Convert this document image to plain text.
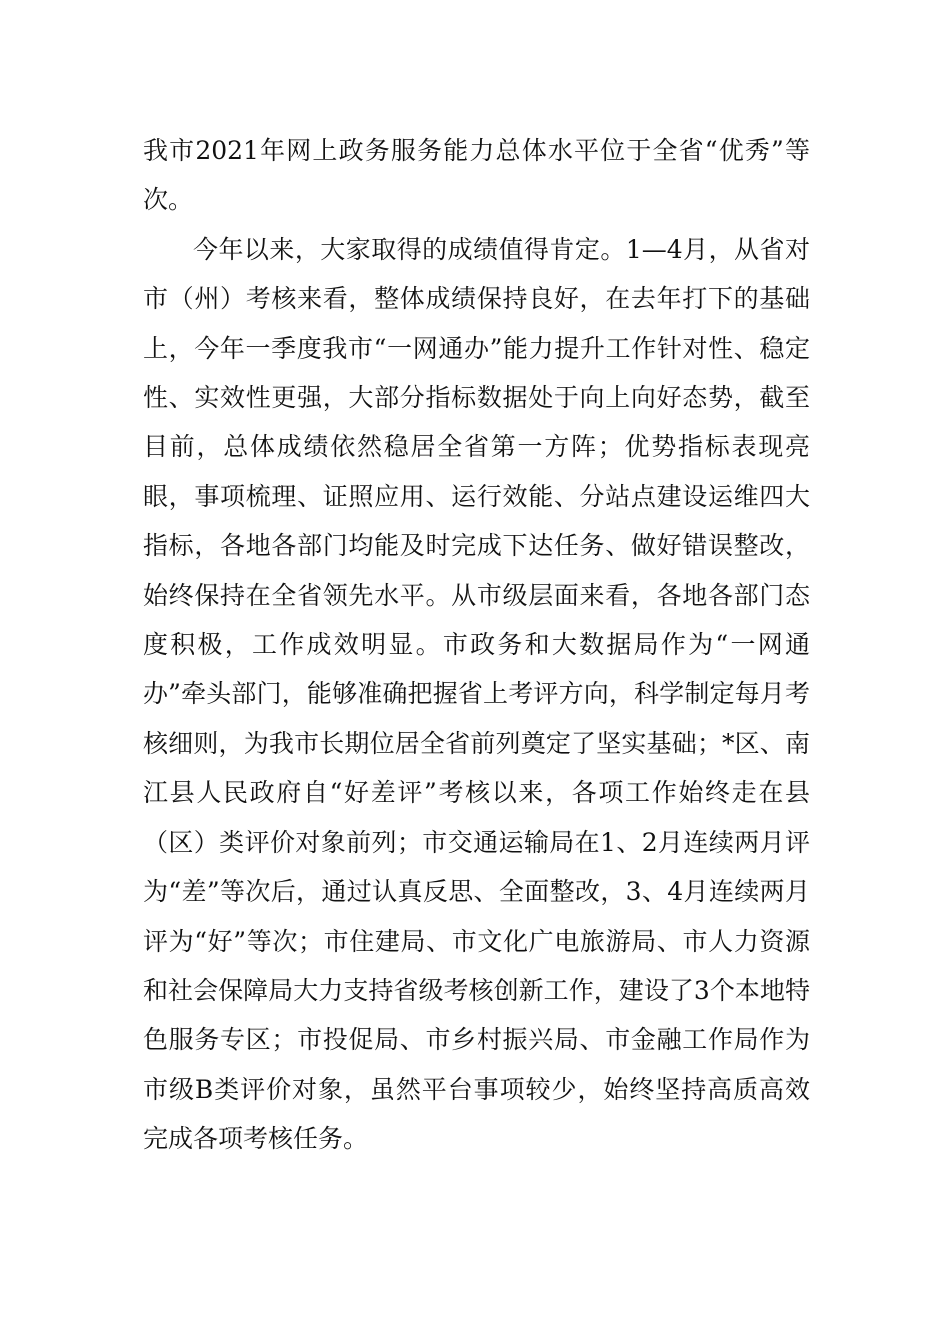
我市2021年网上政务服务能力总体水平位于全省“优秀”等次。

今年以来，大家取得的成绩值得肯定。1—4月，从省对市（州）考核来看，整体成绩保持良好，在去年打下的基础上，今年一季度我市“一网通办”能力提升工作针对性、稳定性、实效性更强，大部分指标数据处于向上向好态势，截至目前，总体成绩依然稳居全省第一方阵；优势指标表现亮眼，事项梳理、证照应用、运行效能、分站点建设运维四大指标，各地各部门均能及时完成下达任务、做好错误整改，始终保持在全省领先水平。从市级层面来看，各地各部门态度积极，工作成效明显。市政务和大数据局作为“一网通办”牵头部门，能够准确把握省上考评方向，科学制定每月考核细则，为我市长期位居全省前列奠定了坚实基础；*区、南江县人民政府自“好差评”考核以来，各项工作始终走在县（区）类评价对象前列；市交通运输局在1、2月连续两月评为“差”等次后，通过认真反思、全面整改，3、4月连续两月评为“好”等次；市住建局、市文化广电旅游局、市人力资源和社会保障局大力支持省级考核创新工作，建设了3个本地特色服务专区；市投促局、市乡村振兴局、市金融工作局作为市级B类评价对象，虽然平台事项较少，始终坚持高质高效完成各项考核任务。
